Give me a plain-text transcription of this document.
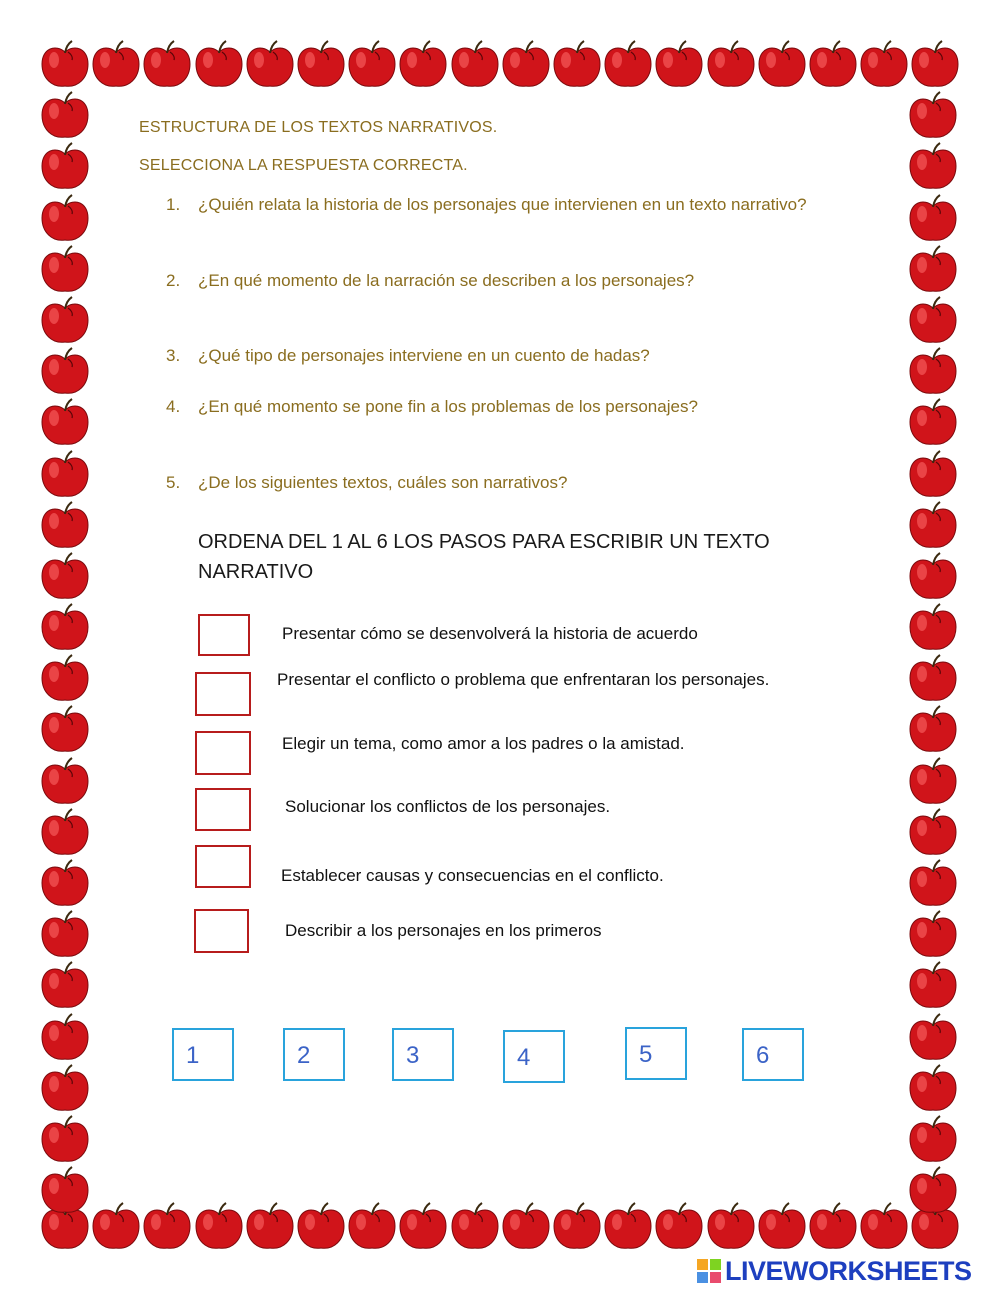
ESTRUCTURA DE LOS TEXTOS NARRATIVOS.
SELECCIONA LA RESPUESTA CORRECTA.
1.	¿Quién relata la historia de los personajes que intervienen en un texto narrativo?
2.	¿En qué momento de la narración se describen a los personajes?
3.	¿Qué tipo de personajes interviene en un cuento de hadas?
4.	¿En qué momento se pone fin a los problemas de los personajes?
5.	¿De los siguientes textos, cuáles son narrativos?
ORDENA DEL 1 AL 6 LOS PASOS PARA ESCRIBIR UN TEXTO NARRATIVO
Presentar cómo se desenvolverá la historia de acuerdo
Presentar el conflicto o problema que enfrentaran los personajes.
Elegir un tema, como amor a los padres o la amistad.
Solucionar los conflictos de los personajes.
Establecer causas y consecuencias en el conflicto.
Describir a los personajes en los primeros
1	2	3	4	5	6
LIVEWORKSHEETS
